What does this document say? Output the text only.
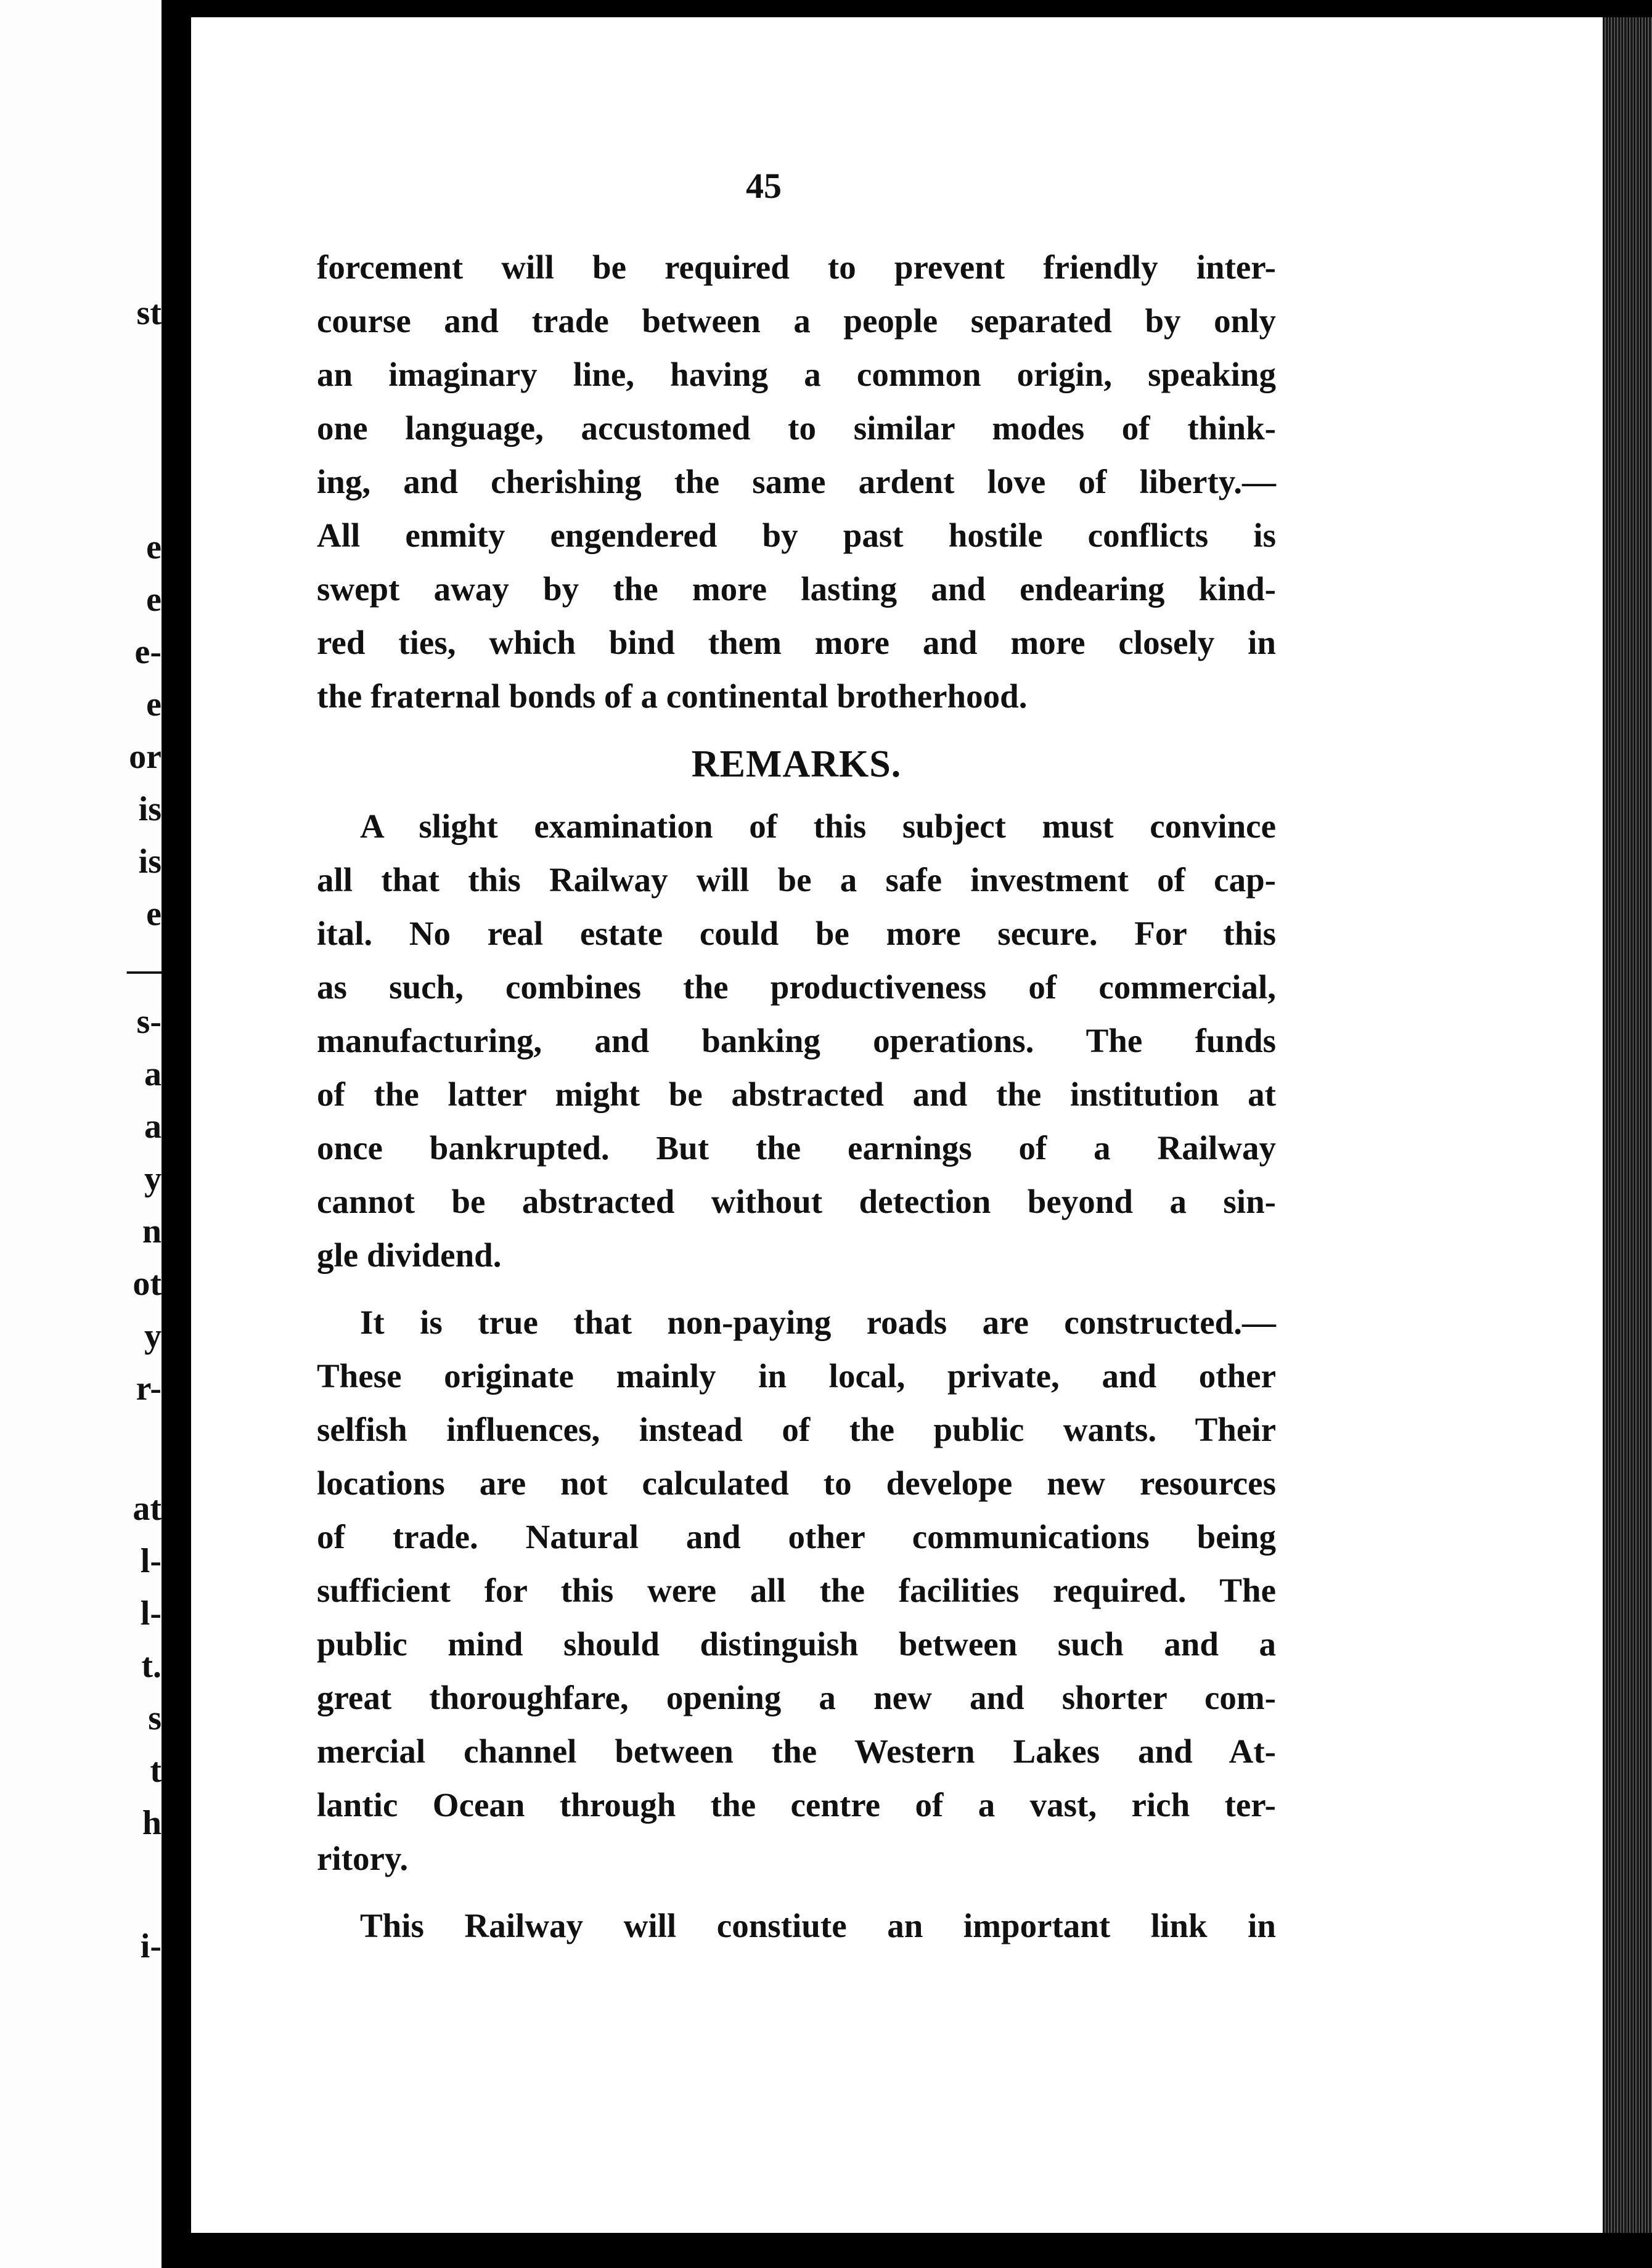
st
e
e
e-
e
or
is
is
e
—
s-
a
a
y
n
ot
y
r-
at
l-
l-
t.
s
t
h
i-
45
forcement will be required to prevent friendly inter-
course and trade between a people separated by only
an imaginary line, having a common origin, speaking
one language, accustomed to similar modes of think-
ing, and cherishing the same ardent love of liberty.—
All enmity engendered by past hostile conflicts is
swept away by the more lasting and endearing kind-
red ties, which bind them more and more closely in
the fraternal bonds of a continental brotherhood.
REMARKS.
A slight examination of this subject must convince
all that this Railway will be a safe investment of cap-
ital. No real estate could be more secure. For this
as such, combines the productiveness of commercial,
manufacturing, and banking operations. The funds
of the latter might be abstracted and the institution at
once bankrupted. But the earnings of a Railway
cannot be abstracted without detection beyond a sin-
gle dividend.
It is true that non-paying roads are constructed.—
These originate mainly in local, private, and other
selfish influences, instead of the public wants. Their
locations are not calculated to develope new resources
of trade. Natural and other communications being
sufficient for this were all the facilities required. The
public mind should distinguish between such and a
great thoroughfare, opening a new and shorter com-
mercial channel between the Western Lakes and At-
lantic Ocean through the centre of a vast, rich ter-
ritory.
This Railway will constiute an important link in
